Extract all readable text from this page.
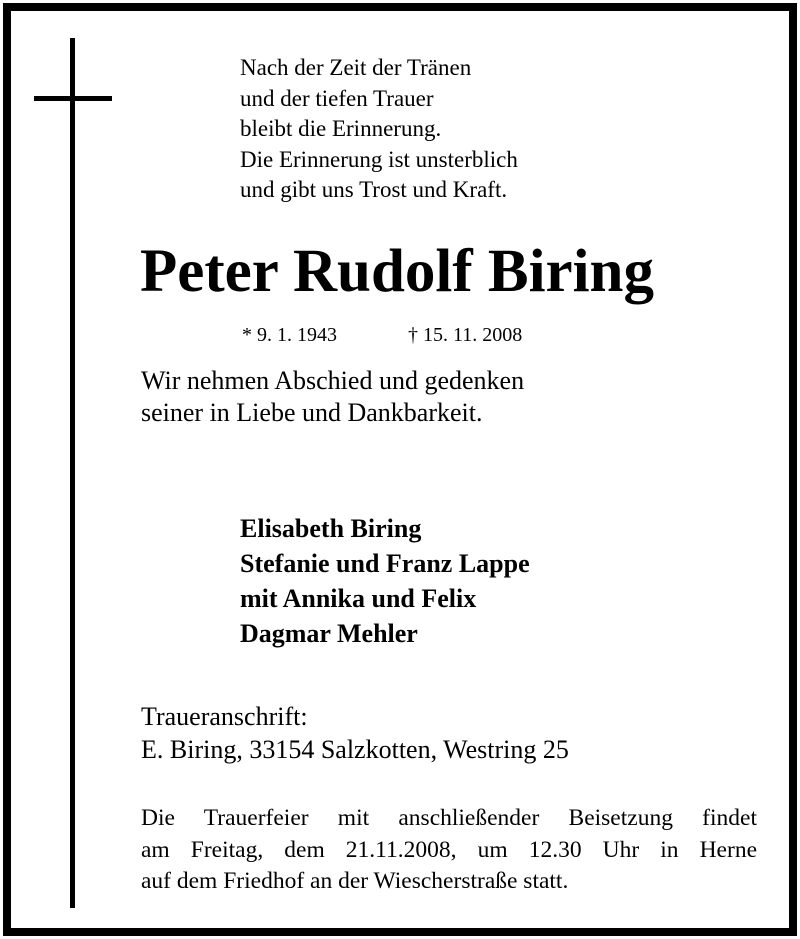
Nach der Zeit der Tränen
und der tiefen Trauer
bleibt die Erinnerung.
Die Erinnerung ist unsterblich
und gibt uns Trost und Kraft.
Peter Rudolf Biring
* 9. 1. 1943	† 15. 11. 2008
Wir nehmen Abschied und gedenken
seiner in Liebe und Dankbarkeit.
Elisabeth Biring
Stefanie und Franz Lappe
mit Annika und Felix
Dagmar Mehler
Traueranschrift:
E. Biring, 33154 Salzkotten, Westring 25
Die Trauerfeier mit anschließender Beisetzung findet
am Freitag, dem 21.11.2008, um 12.30 Uhr in Herne
auf dem Friedhof an der Wiescherstraße statt.
